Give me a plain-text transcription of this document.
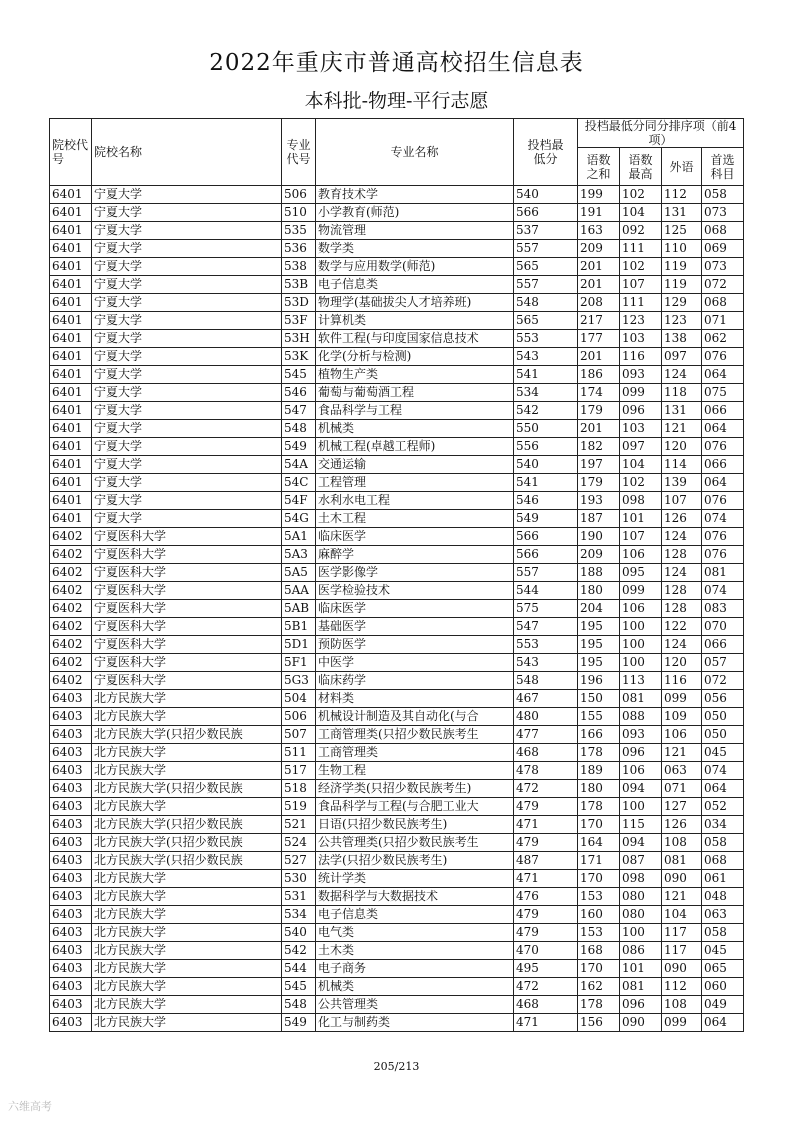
2022年重庆市普通高校招生信息表
本科批-物理-平行志愿
院校代号	院校名称	专业代号	专业名称	投档最低分	投档最低分同分排序项（前4项）			
					语数之和	语数最高	外语	首选科目
6401	宁夏大学	506	教育技术学	540	199	102	112	058
6401	宁夏大学	510	小学教育(师范)	566	191	104	131	073
6401	宁夏大学	535	物流管理	537	163	092	125	068
6401	宁夏大学	536	数学类	557	209	111	110	069
6401	宁夏大学	538	数学与应用数学(师范)	565	201	102	119	073
6401	宁夏大学	53B	电子信息类	557	201	107	119	072
6401	宁夏大学	53D	物理学(基础拔尖人才培养班)	548	208	111	129	068
6401	宁夏大学	53F	计算机类	565	217	123	123	071
6401	宁夏大学	53H	软件工程(与印度国家信息技术	553	177	103	138	062
6401	宁夏大学	53K	化学(分析与检测)	543	201	116	097	076
6401	宁夏大学	545	植物生产类	541	186	093	124	064
6401	宁夏大学	546	葡萄与葡萄酒工程	534	174	099	118	075
6401	宁夏大学	547	食品科学与工程	542	179	096	131	066
6401	宁夏大学	548	机械类	550	201	103	121	064
6401	宁夏大学	549	机械工程(卓越工程师)	556	182	097	120	076
6401	宁夏大学	54A	交通运输	540	197	104	114	066
6401	宁夏大学	54C	工程管理	541	179	102	139	064
6401	宁夏大学	54F	水利水电工程	546	193	098	107	076
6401	宁夏大学	54G	土木工程	549	187	101	126	074
6402	宁夏医科大学	5A1	临床医学	566	190	107	124	076
6402	宁夏医科大学	5A3	麻醉学	566	209	106	128	076
6402	宁夏医科大学	5A5	医学影像学	557	188	095	124	081
6402	宁夏医科大学	5AA	医学检验技术	544	180	099	128	074
6402	宁夏医科大学	5AB	临床医学	575	204	106	128	083
6402	宁夏医科大学	5B1	基础医学	547	195	100	122	070
6402	宁夏医科大学	5D1	预防医学	553	195	100	124	066
6402	宁夏医科大学	5F1	中医学	543	195	100	120	057
6402	宁夏医科大学	5G3	临床药学	548	196	113	116	072
6403	北方民族大学	504	材料类	467	150	081	099	056
6403	北方民族大学	506	机械设计制造及其自动化(与合	480	155	088	109	050
6403	北方民族大学(只招少数民族	507	工商管理类(只招少数民族考生	477	166	093	106	050
6403	北方民族大学	511	工商管理类	468	178	096	121	045
6403	北方民族大学	517	生物工程	478	189	106	063	074
6403	北方民族大学(只招少数民族	518	经济学类(只招少数民族考生)	472	180	094	071	064
6403	北方民族大学	519	食品科学与工程(与合肥工业大	479	178	100	127	052
6403	北方民族大学(只招少数民族	521	日语(只招少数民族考生)	471	170	115	126	034
6403	北方民族大学(只招少数民族	524	公共管理类(只招少数民族考生	479	164	094	108	058
6403	北方民族大学(只招少数民族	527	法学(只招少数民族考生)	487	171	087	081	068
6403	北方民族大学	530	统计学类	471	170	098	090	061
6403	北方民族大学	531	数据科学与大数据技术	476	153	080	121	048
6403	北方民族大学	534	电子信息类	479	160	080	104	063
6403	北方民族大学	540	电气类	479	153	100	117	058
6403	北方民族大学	542	土木类	470	168	086	117	045
6403	北方民族大学	544	电子商务	495	170	101	090	065
6403	北方民族大学	545	机械类	472	162	081	112	060
6403	北方民族大学	548	公共管理类	468	178	096	108	049
6403	北方民族大学	549	化工与制药类	471	156	090	099	064
205/213
六维高考
